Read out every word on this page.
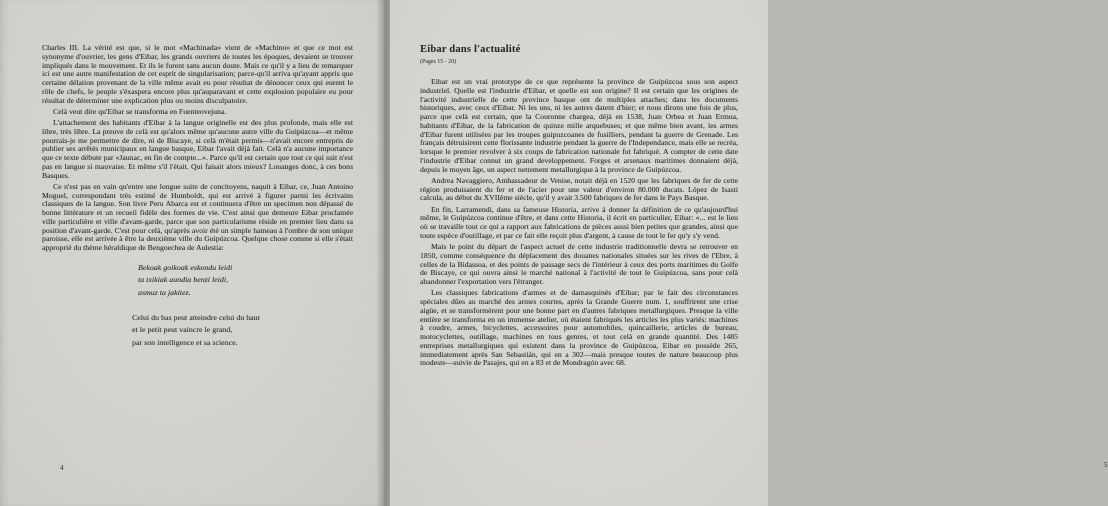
Charles III. La vérité est que, si le mot «Machinada» vient de «Machino» et que ce mot est synonyme d'ouvrier, les gens d'Eibar, les grands ouvriers de toutes les époques, devaient se trouver impliqués dans le mouvement. Et ils le furent sans aucun doute. Mais ce qu'il y a lieu de remarquer ici est une autre manifestation de cet esprit de singularisation; parce-qu'il arriva qu'ayant appris que certaine délation provenant de la ville même avait eu pour résultat de dénoncer ceux qui eurent le rôle de chefs, le peuple s'éxaspera encore plus qu'auparavant et cette explosion populaire eu pour résultat de déterminer une explication plus ou moins disculpatoire.

Celà veut dire qu'Eibar se transforma en Fuenteovejuna.

L'attachement des habitants d'Eibar à la langue originelle est des plus profonde, mais elle est libre, très libre. La preuve de celà est qu'alors même qu'aucune autre ville du Guipúzcoa—et même pourrais-je me permettre de dire, ni de Biscaye, si celà m'était permis—n'avait encore entrepris de publier ses arrêtés municipaux en langue basque, Eibar l'avait déjà fait. Celà n'a aucune importance que ce texte débute par «Jaunac, en fin de compte...». Parce qu'il est certain que tout ce qui suit n'est pas en langue si mauvaise. Et même s'il l'était. Qui faisait alors mieux? Louanges donc, à ces bons Basques.

Ce n'est pas en vain qu'entre une longue suite de concitoyens, naquit à Eibar, ce, Juan Antoino Moguel, correspondant très estimé de Humboldt, qui est arrivé à figurer parmi les écrivains classiques de la langue. Son livre Peru Abarca est et continuera d'être un specimen non dépassé de bonne littérature et un recueil fidèle des formes de vie. C'est ainsi que demeure Eibar proclamée ville particulière et ville d'avant-garde, parce que son particularisme réside en premier lieu dans sa position d'avant-garde. C'est pour celà, qu'après avoir été un simple hameau à l'ombre de son unique paroisse, elle est arrivée à être la deuxième ville du Guipúzcoa. Quelque chose comme si elle s'était approprié du thème héraldique de Bengoechea de Aulestia:

Bekoak goikoak eskondu leidi
ta txikiak aundia benzi leidi,
asmuz ta jakitez.
Celui du bas peut atteindre celui du haut
et le petit peut vaincre le grand,
par son intelligence et sa science.
4
Eibar dans l'actualité
(Pages 15 - 20)

Eibar est un vrai prototype de ce que représente la province de Guipúzcoa sous son aspect industriel. Quelle est l'industrie d'Eibar, et quelle est son origine? Il est certain que les origines de l'activité industrielle de cette province basque ont de multiples attaches; dans les documents historiques, avec ceux d'Eibar. Ni les uns, ni les autres datent d'hier; et nous dirons une fois de plus, parce que celà est certain, que la Couronne chargea, déjà en 1538, Juan Orbea et Juan Ermua, habitants d'Eibar, de la fabrication de quinze mille arquebuses; et que même bien avant, les armes d'Eibar furent utilisées par les troupes guipuzcoanes de fusilliers, pendant la guerre de Grenade. Les français détruisirent cette florissante industrie pendant la guerre de l'Independance, mais elle se recréa, lorsque le premier revolver à six coups de fabrication nationale fut fabriqué. A compter de cette date l'industrie d'Eibar connut un grand developpement. Forges et arsenaux maritimes donnaient déjà, depuis le moyen âge, un aspect nettement metallurgique à la province de Guipúzcoa.

Andrea Navaggiero, Ambassadeur de Venise, notait déjà en 1520 que les fabriques de fer de cette région produisaient du fer et de l'acier pour une valeur d'environ 80.000 ducats. López de Isasti calcula, au début du XVIIème siècle, qu'il y avait 3.500 fabriques de fer dans le Pays Basque.

En fin, Larramendi, dans sa fameuse Historia, arrive à donner la définition de ce qu'aujourd'hui même, le Guipúzcoa continue d'être, et dans cette Historia, il écrit en particulier, Eibar: «... est le lieu où se travaille tout ce qui a rapport aux fabrications de pièces aussi bien petites que grandes, ainsi que toute espèce d'outillage, et par ce fait elle reçoit plus d'argent, à cause de tout le fer qu'y s'y vend.

Mais le point du départ de l'aspect actuel de cette industrie traditionnelle devra se retrouver en 1850, comme conséquence du déplacement des douanes nationales situées sur les rives de l'Ebre, à celles de la Bidassoa, et des points de passage secs de l'intérieur à ceux des ports maritimes du Golfe de Biscaye, ce qui ouvra ainsi le marché national à l'activité de tout le Guipúzcoa, sans pour celà abandonner l'exportation vers l'étranger.

Les classiques fabrications d'armes et de damasquinés d'Eibar; par le fait des circonstances spéciales dûes au marché des armes courtes, après la Grande Guerre num. 1, souffrirent une crise aigüe, et se transformèrent pour une bonne part en d'autres fabriques metallurgiques. Presque la ville entière se transforma en un immense atelier, où étaient fabriqués les articles les plus variés: machines à coudre, armes, bicyclettes, accessoires pour automobiles, quincaillerie, articles de bureau, motocyclettes, outillage, machines en tous genres, et tout celà en grande quantité. Des 1485 entreprises metallurgiques qui existent dans la province de Guipúzcoa, Eibar en possède 265, immediatement après San Sebastián, qui en a 302—mais presque toutes de nature beaucoup plus modeste—suivie de Pasajes, qui en a 83 et de Mondragón avec 68.

5
